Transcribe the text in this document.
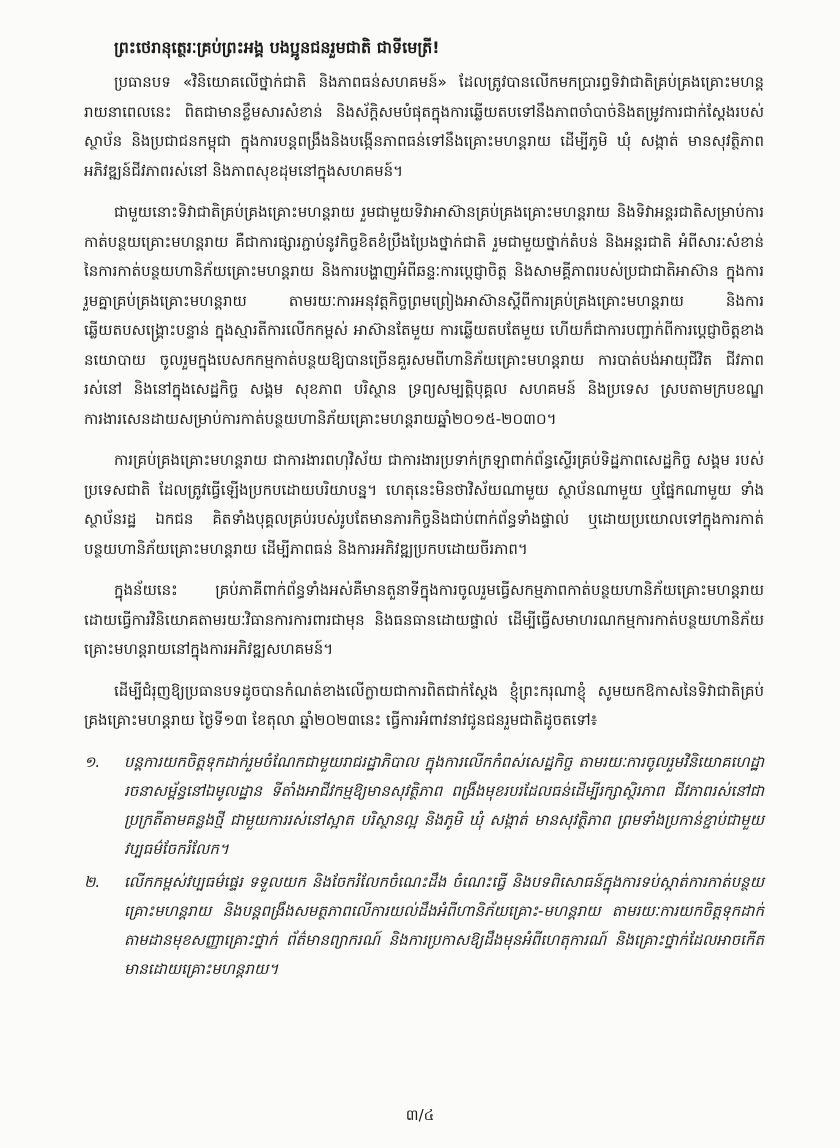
ព្រះថេរានុត្ថេរៈគ្រប់ព្រះអង្គ បងប្អូនជនរួមជាតិ ជាទីមេត្រី!

ប្រធានបទ «វិនិយោគលើថ្នាក់ជាតិ និងភាពធន់សហគមន៍» ដែលត្រូវបានលើកមកប្រារព្ធទិវាជាតិគ្រប់គ្រងគ្រោះមហន្តរាយនាពេលនេះ ពិតជាមានខ្លឹមសារសំខាន់ និងស័ក្តិសមបំផុតក្នុងការឆ្លើយតបទៅនឹងភាពចាំបាច់និងតម្រូវការជាក់ស្តែងរបស់ស្ថាប័ន និងប្រជាជនកម្ពុជា ក្នុងការបន្តពង្រឹងនិងបង្កើនភាពធន់ទៅនឹងគ្រោះមហន្តរាយ ដើម្បីភូមិ ឃុំ សង្កាត់ មានសុវត្ថិភាព អភិវឌ្ឍន៍ជីវភាពរស់នៅ និងភាពសុខដុមនៅក្នុងសហគមន៍។

ជាមួយនោះទិវាជាតិគ្រប់គ្រងគ្រោះមហន្តរាយ រួមជាមួយទិវាអាស៊ានគ្រប់គ្រងគ្រោះមហន្តរាយ និងទិវាអន្តរជាតិសម្រាប់ការកាត់បន្ថយគ្រោះមហន្តរាយ គឺជាការផ្សារភ្ជាប់នូវកិច្ចខិតខំប្រឹងប្រែងថ្នាក់ជាតិ រួមជាមួយថ្នាក់តំបន់ និងអន្តរជាតិ អំពីសារៈសំខាន់នៃការកាត់បន្ថយហានិភ័យគ្រោះមហន្តរាយ និងការបង្ហាញអំពីឆន្ទៈការប្តេជ្ញាចិត្ត និងសាមគ្គីភាពរបស់ប្រជាជាតិអាស៊ាន ក្នុងការរួមគ្នាគ្រប់គ្រងគ្រោះមហន្តរាយ តាមរយៈការអនុវត្តកិច្ចព្រមព្រៀងអាស៊ានស្តីពីការគ្រប់គ្រងគ្រោះមហន្តរាយ និងការឆ្លើយតបសង្គ្រោះបន្ទាន់ ក្នុងស្មារតីការលើកកម្ពស់ អាស៊ានតែមួយ ការឆ្លើយតបតែមួយ ហើយក៏ជាការបញ្ជាក់ពីការប្តេជ្ញាចិត្តខាងនយោបាយ ចូលរួមក្នុងបេសកកម្មកាត់បន្ថយឱ្យបានច្រើនគួរសមពីហានិភ័យគ្រោះមហន្តរាយ ការបាត់បង់អាយុជីវិត ជីវភាពរស់នៅ និងនៅក្នុងសេដ្ឋកិច្ច សង្គម សុខភាព បរិស្ថាន ទ្រព្យសម្បត្តិបុគ្គល សហគមន៍ និងប្រទេស ស្របតាមក្របខណ្ឌការងារសេនដាយសម្រាប់ការកាត់បន្ថយហានិភ័យគ្រោះមហន្តរាយឆ្នាំ២០១៥-២០៣០។

ការគ្រប់គ្រងគ្រោះមហន្តរាយ ជាការងារពហុវិស័យ ជាការងារប្រទាក់ក្រឡាពាក់ព័ន្ធស្ទើរគ្រប់ទិដ្ឋភាពសេដ្ឋកិច្ច សង្គម របស់ប្រទេសជាតិ ដែលត្រូវធ្វើឡើងប្រកបដោយបរិយាបន្ន។ ហេតុនេះមិនថាវិស័យណាមួយ ស្ថាប័នណាមួយ ឬផ្នែកណាមួយ ទាំងស្ថាប័នរដ្ឋ ឯកជន គិតទាំងបុគ្គលគ្រប់របស់រូបតែមានភារកិច្ចនិងជាប់ពាក់ព័ន្ធទាំងផ្ទាល់ ឬដោយប្រយោលទៅក្នុងការកាត់បន្ថយហានិភ័យគ្រោះមហន្តរាយ ដើម្បីភាពធន់ និងការអភិវឌ្ឍប្រកបដោយចីរភាព។

ក្នុងន័យនេះ គ្រប់ភាគីពាក់ព័ន្ធទាំងអស់គឺមានតួនាទីក្នុងការចូលរួមធ្វើសកម្មភាពកាត់បន្ថយហានិភ័យគ្រោះមហន្តរាយ ដោយធ្វើការវិនិយោគតាមរយៈវិធានការការពារជាមុន និងធនធានដោយផ្ទាល់ ដើម្បីធ្វើសមាហរណកម្មការកាត់បន្ថយហានិភ័យគ្រោះមហន្តរាយនៅក្នុងការអភិវឌ្ឍសហគមន៍។

ដើម្បីជំរុញឱ្យប្រធានបទដូចបានកំណត់ខាងលើក្លាយជាការពិតជាក់ស្តែង ខ្ញុំព្រះករុណាខ្ញុំ សូមយកឱកាសនៃទិវាជាតិគ្រប់គ្រងគ្រោះមហន្តរាយ ថ្ងៃទី១៣ ខែតុលា ឆ្នាំ២០២៣នេះ ធ្វើការអំពាវនាវជូនជនរួមជាតិដូចតទៅ៖

១.	បន្តការយកចិត្តទុកដាក់រួមចំណែកជាមួយរាជរដ្ឋាភិបាល ក្នុងការលើកកំពស់សេដ្ឋកិច្ច តាមរយៈការចូលរួមវិនិយោគហេដ្ឋារចនាសម្ព័ន្ធនៅឯមូលដ្ឋាន ទីតាំងអាជីវកម្មឱ្យមានសុវត្ថិភាព ពង្រឹងមុខរបរដែលធន់ដើម្បីរក្សាស្ថិរភាព ជីវភាពរស់នៅជាប្រក្រតីតាមគន្លងថ្មី ជាមួយការរស់នៅស្អាត បរិស្ថានល្អ និងភូមិ ឃុំ សង្កាត់ មានសុវត្ថិភាព ព្រមទាំងប្រកាន់ខ្ជាប់ជាមួយវប្បធម៌ចែករំលែក។
២.	លើកកម្ពស់វប្បធម៌ផ្ទេរ ទទួលយក និងចែករំលែកចំណេះដឹង ចំណេះធ្វើ និងបទពិសោធន៍ក្នុងការទប់ស្កាត់ការកាត់បន្ថយគ្រោះមហន្តរាយ និងបន្តពង្រឹងសមត្ថភាពលើការយល់ដឹងអំពីហានិភ័យគ្រោះ-មហន្តរាយ តាមរយៈការយកចិត្តទុកដាក់តាមដានមុខសញ្ញាគ្រោះថ្នាក់ ព័ត៌មានព្យាករណ៍ និងការប្រកាសឱ្យដឹងមុនអំពីហេតុការណ៍ និងគ្រោះថ្នាក់ដែលអាចកើតមានដោយគ្រោះមហន្តរាយ។
៣/៤
